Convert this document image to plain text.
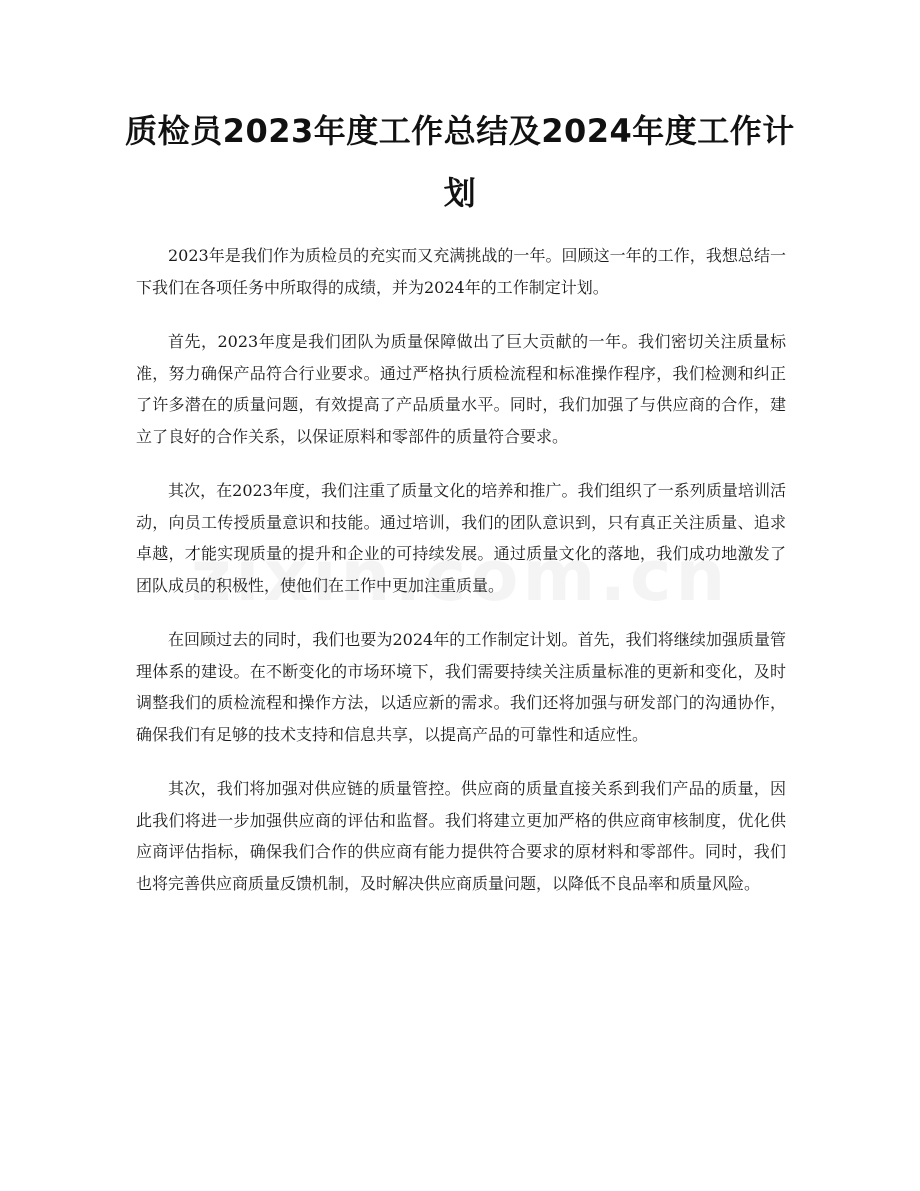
质检员2023年度工作总结及2024年度工作计划

2023年是我们作为质检员的充实而又充满挑战的一年。回顾这一年的工作，我想总结一下我们在各项任务中所取得的成绩，并为2024年的工作制定计划。

首先，2023年度是我们团队为质量保障做出了巨大贡献的一年。我们密切关注质量标准，努力确保产品符合行业要求。通过严格执行质检流程和标准操作程序，我们检测和纠正了许多潜在的质量问题，有效提高了产品质量水平。同时，我们加强了与供应商的合作，建立了良好的合作关系，以保证原料和零部件的质量符合要求。

其次，在2023年度，我们注重了质量文化的培养和推广。我们组织了一系列质量培训活动，向员工传授质量意识和技能。通过培训，我们的团队意识到，只有真正关注质量、追求卓越，才能实现质量的提升和企业的可持续发展。通过质量文化的落地，我们成功地激发了团队成员的积极性，使他们在工作中更加注重质量。

在回顾过去的同时，我们也要为2024年的工作制定计划。首先，我们将继续加强质量管理体系的建设。在不断变化的市场环境下，我们需要持续关注质量标准的更新和变化，及时调整我们的质检流程和操作方法，以适应新的需求。我们还将加强与研发部门的沟通协作，确保我们有足够的技术支持和信息共享，以提高产品的可靠性和适应性。

其次，我们将加强对供应链的质量管控。供应商的质量直接关系到我们产品的质量，因此我们将进一步加强供应商的评估和监督。我们将建立更加严格的供应商审核制度，优化供应商评估指标，确保我们合作的供应商有能力提供符合要求的原材料和零部件。同时，我们也将完善供应商质量反馈机制，及时解决供应商质量问题，以降低不良品率和质量风险。
